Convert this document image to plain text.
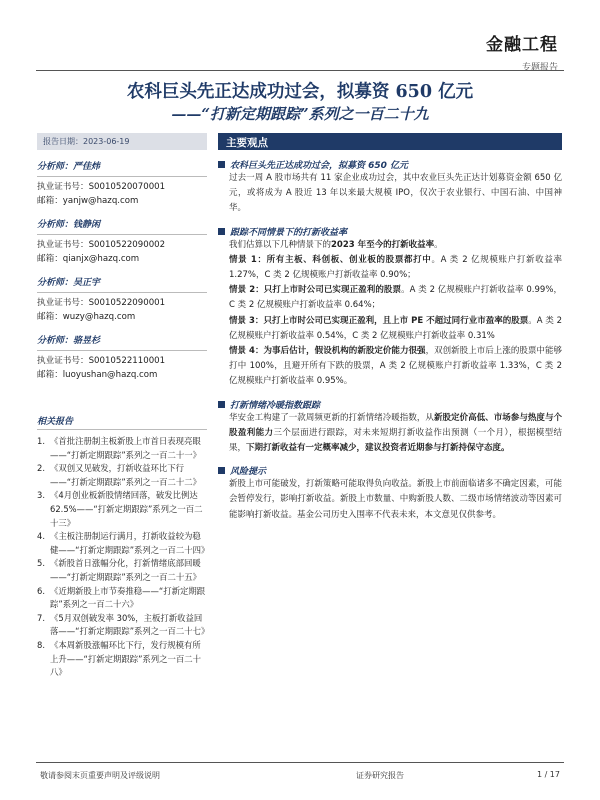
金融工程
专题报告
农科巨头先正达成功过会，拟募资 650 亿元
——“打新定期跟踪”系列之一百二十九
报告日期：2023-06-19
分析师：严佳炜
执业证书号：S0010520070001
邮箱：yanjw@hazq.com
分析师：钱静闲
执业证书号：S0010522090002
邮箱：qianjx@hazq.com
分析师：吴正宇
执业证书号：S0010522090001
邮箱：wuzy@hazq.com
分析师：骆昱杉
执业证书号：S0010522110001
邮箱：luoyushan@hazq.com
相关报告
1. 《首批注册制主板新股上市首日表现亮眼——“打新定期跟踪”系列之一百二十一》
2. 《双创又见破发，打新收益环比下行——“打新定期跟踪”系列之一百二十二》
3. 《4月创业板新股情绪回落，破发比例达 62.5%——“打新定期跟踪”系列之一百二十三》
4. 《主板注册制运行满月，打新收益较为稳健——“打新定期跟踪”系列之一百二十四》
5. 《新股首日涨幅分化，打新情绪底部回暖——“打新定期跟踪”系列之一百二十五》
6. 《近期新股上市节奏推稳——“打新定期跟踪”系列之一百二十六》
7. 《5月双创破发率 30%，主板打新收益回落——“打新定期跟踪”系列之一百二十七》
8. 《本周新股涨幅环比下行，发行规模有所上升——“打新定期跟踪”系列之一百二十八》
主要观点
农科巨头先正达成功过会，拟募资 650 亿元
过去一周 A 股市场共有 11 家企业成功过会，其中农业巨头先正达计划募资金额 650 亿元，或将成为 A 股近 13 年以来最大规模 IPO，仅次于农业银行、中国石油、中国神华。
跟踪不同情景下的打新收益率
我们估算以下几种情景下的2023 年至今的打新收益率。
情景 1：所有主板、科创板、创业板的股票都打中。A 类 2 亿规模账户打新收益率 1.27%，C 类 2 亿规模账户打新收益率 0.90%；
情景 2：只打上市时公司已实现正盈利的股票。A 类 2 亿规模账户打新收益率 0.99%，C 类 2 亿规模账户打新收益率 0.64%；
情景 3：只打上市时公司已实现正盈利，且上市 PE 不超过同行业市盈率的股票。A 类 2 亿规模账户打新收益率 0.54%，C 类 2 亿规模账户打新收益率 0.31%
情景 4：为事后估计，假设机构的新股定价能力很强，双创新股上市后上涨的股票中能够打中 100%，且避开所有下跌的股票，A 类 2 亿规模账户打新收益率 1.33%，C 类 2 亿规模账户打新收益率 0.95%。
打新情绪冷暖指数跟踪
华安金工构建了一款周频更新的打新情绪冷暖指数，从新股定价高低、市场参与热度与个股盈利能力三个层面进行跟踪，对未来短期打新收益作出预测（一个月），根据模型结果，下期打新收益有一定概率减少，建议投资者近期参与打新持保守态度。
风险提示
新股上市可能破发，打新策略可能取得负向收益。新股上市前面临诸多不确定因素，可能会暂停发行，影响打新收益。新股上市数量、中购新股人数、二级市场情绪波动等因素可能影响打新收益。基金公司历史入围率不代表未来，本文意见仅供参考。
敬请参阅末页重要声明及评级说明	证券研究报告	1 / 17
